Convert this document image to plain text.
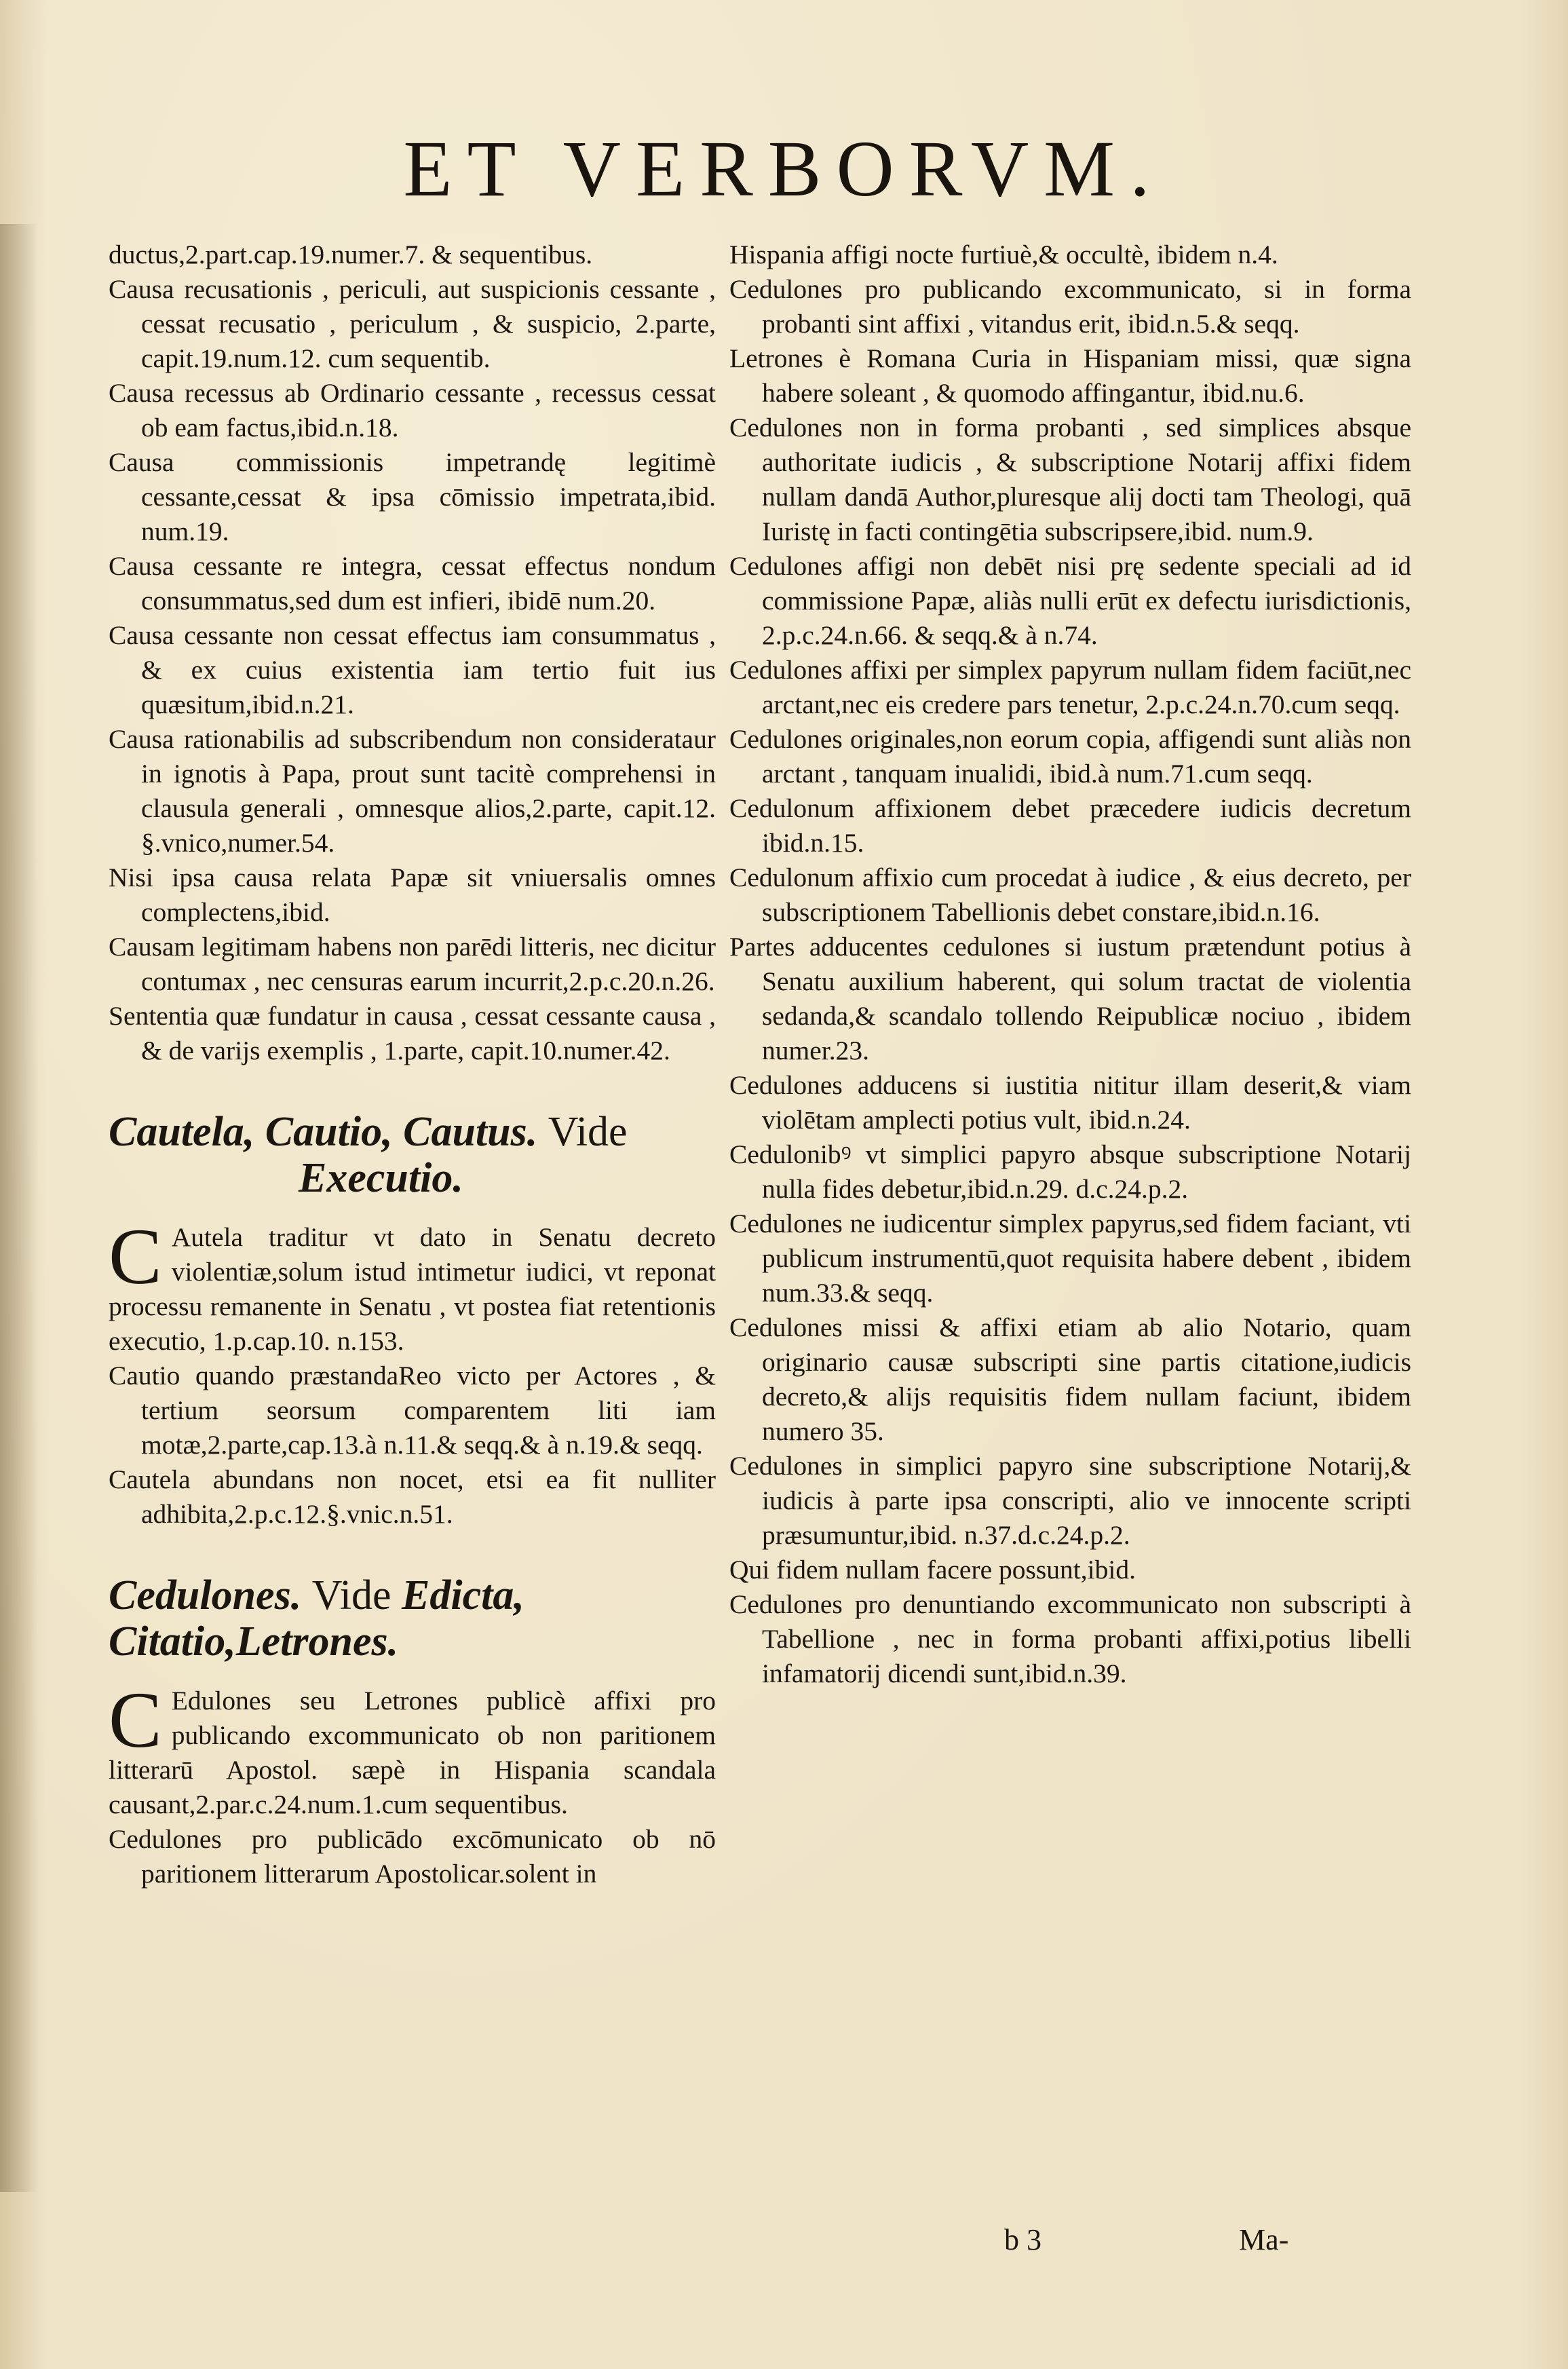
ET VERBORVM.

ductus,2.part.cap.19.numer.7. & sequentibus.

Causa recusationis , periculi, aut suspicionis cessante , cessat recusatio , periculum , & suspicio, 2.parte, capit.19.num.12. cum sequentib.

Causa recessus ab Ordinario cessante , recessus cessat ob eam factus,ibid.n.18.

Causa commissionis impetrandę legitimè cessante,cessat & ipsa cōmissio impetrata,ibid. num.19.

Causa cessante re integra, cessat effectus nondum consummatus,sed dum est infieri, ibidē num.20.

Causa cessante non cessat effectus iam consummatus , & ex cuius existentia iam tertio fuit ius quæsitum,ibid.n.21.

Causa rationabilis ad subscribendum non considerataur in ignotis à Papa, prout sunt tacitè comprehensi in clausula generali , omnesque alios,2.parte, capit.12. §.vnico,numer.54.

Nisi ipsa causa relata Papæ sit vniuersalis omnes complectens,ibid.

Causam legitimam habens non parēdi litteris, nec dicitur contumax , nec censuras earum incurrit,2.p.c.20.n.26.

Sententia quæ fundatur in causa , cessat cessante causa , & de varijs exemplis , 1.parte, capit.10.numer.42.

Cautela, Cautio, Cautus. Vide
Executio.

C Autela traditur vt dato in Senatu decreto violentiæ,solum istud intimetur iudici, vt reponat processu remanente in Senatu , vt postea fiat retentionis executio, 1.p.cap.10. n.153.

Cautio quando præstandaReo victo per Actores , & tertium seorsum comparentem liti iam motæ,2.parte,cap.13.à n.11.& seqq.& à n.19.& seqq.

Cautela abundans non nocet, etsi ea fit nulliter adhibita,2.p.c.12.§.vnic.n.51.

Cedulones. Vide Edicta, Citatio,Letrones.

C Edulones seu Letrones publicè affixi pro publicando excommunicato ob non paritionem litterarū Apostol. sæpè in Hispania scandala causant,2.par.c.24.num.1.cum sequentibus.

Cedulones pro publicādo excōmunicato ob nō paritionem litterarum Apostolicar.solent in

Hispania affigi nocte furtiuè,& occultè, ibidem n.4.

Cedulones pro publicando excommunicato, si in forma probanti sint affixi , vitandus erit, ibid.n.5.& seqq.

Letrones è Romana Curia in Hispaniam missi, quæ signa habere soleant , & quomodo affingantur, ibid.nu.6.

Cedulones non in forma probanti , sed simplices absque authoritate iudicis , & subscriptione Notarij affixi fidem nullam dandā Author,pluresque alij docti tam Theologi, quā Iuristę in facti contingētia subscripsere,ibid. num.9.

Cedulones affigi non debēt nisi prę sedente speciali ad id commissione Papæ, aliàs nulli erūt ex defectu iurisdictionis, 2.p.c.24.n.66. & seqq.& à n.74.

Cedulones affixi per simplex papyrum nullam fidem faciūt,nec arctant,nec eis credere pars tenetur, 2.p.c.24.n.70.cum seqq.

Cedulones originales,non eorum copia, affigendi sunt aliàs non arctant , tanquam inualidi, ibid.à num.71.cum seqq.

Cedulonum affixionem debet præcedere iudicis decretum ibid.n.15.

Cedulonum affixio cum procedat à iudice , & eius decreto, per subscriptionem Tabellionis debet constare,ibid.n.16.

Partes adducentes cedulones si iustum prætendunt potius à Senatu auxilium haberent, qui solum tractat de violentia sedanda,& scandalo tollendo Reipublicæ nociuo , ibidem numer.23.

Cedulones adducens si iustitia nititur illam deserit,& viam violētam amplecti potius vult, ibid.n.24.

Cedulonibꝰ vt simplici papyro absque subscriptione Notarij nulla fides debetur,ibid.n.29. d.c.24.p.2.

Cedulones ne iudicentur simplex papyrus,sed fidem faciant, vti publicum instrumentū,quot requisita habere debent , ibidem num.33.& seqq.

Cedulones missi & affixi etiam ab alio Notario, quam originario causæ subscripti sine partis citatione,iudicis decreto,& alijs requisitis fidem nullam faciunt, ibidem numero 35.

Cedulones in simplici papyro sine subscriptione Notarij,& iudicis à parte ipsa conscripti, alio ve innocente scripti præsumuntur,ibid. n.37.d.c.24.p.2.

Qui fidem nullam facere possunt,ibid.

Cedulones pro denuntiando excommunicato non subscripti à Tabellione , nec in forma probanti affixi,potius libelli infamatorij dicendi sunt,ibid.n.39.

b 3	Ma-
